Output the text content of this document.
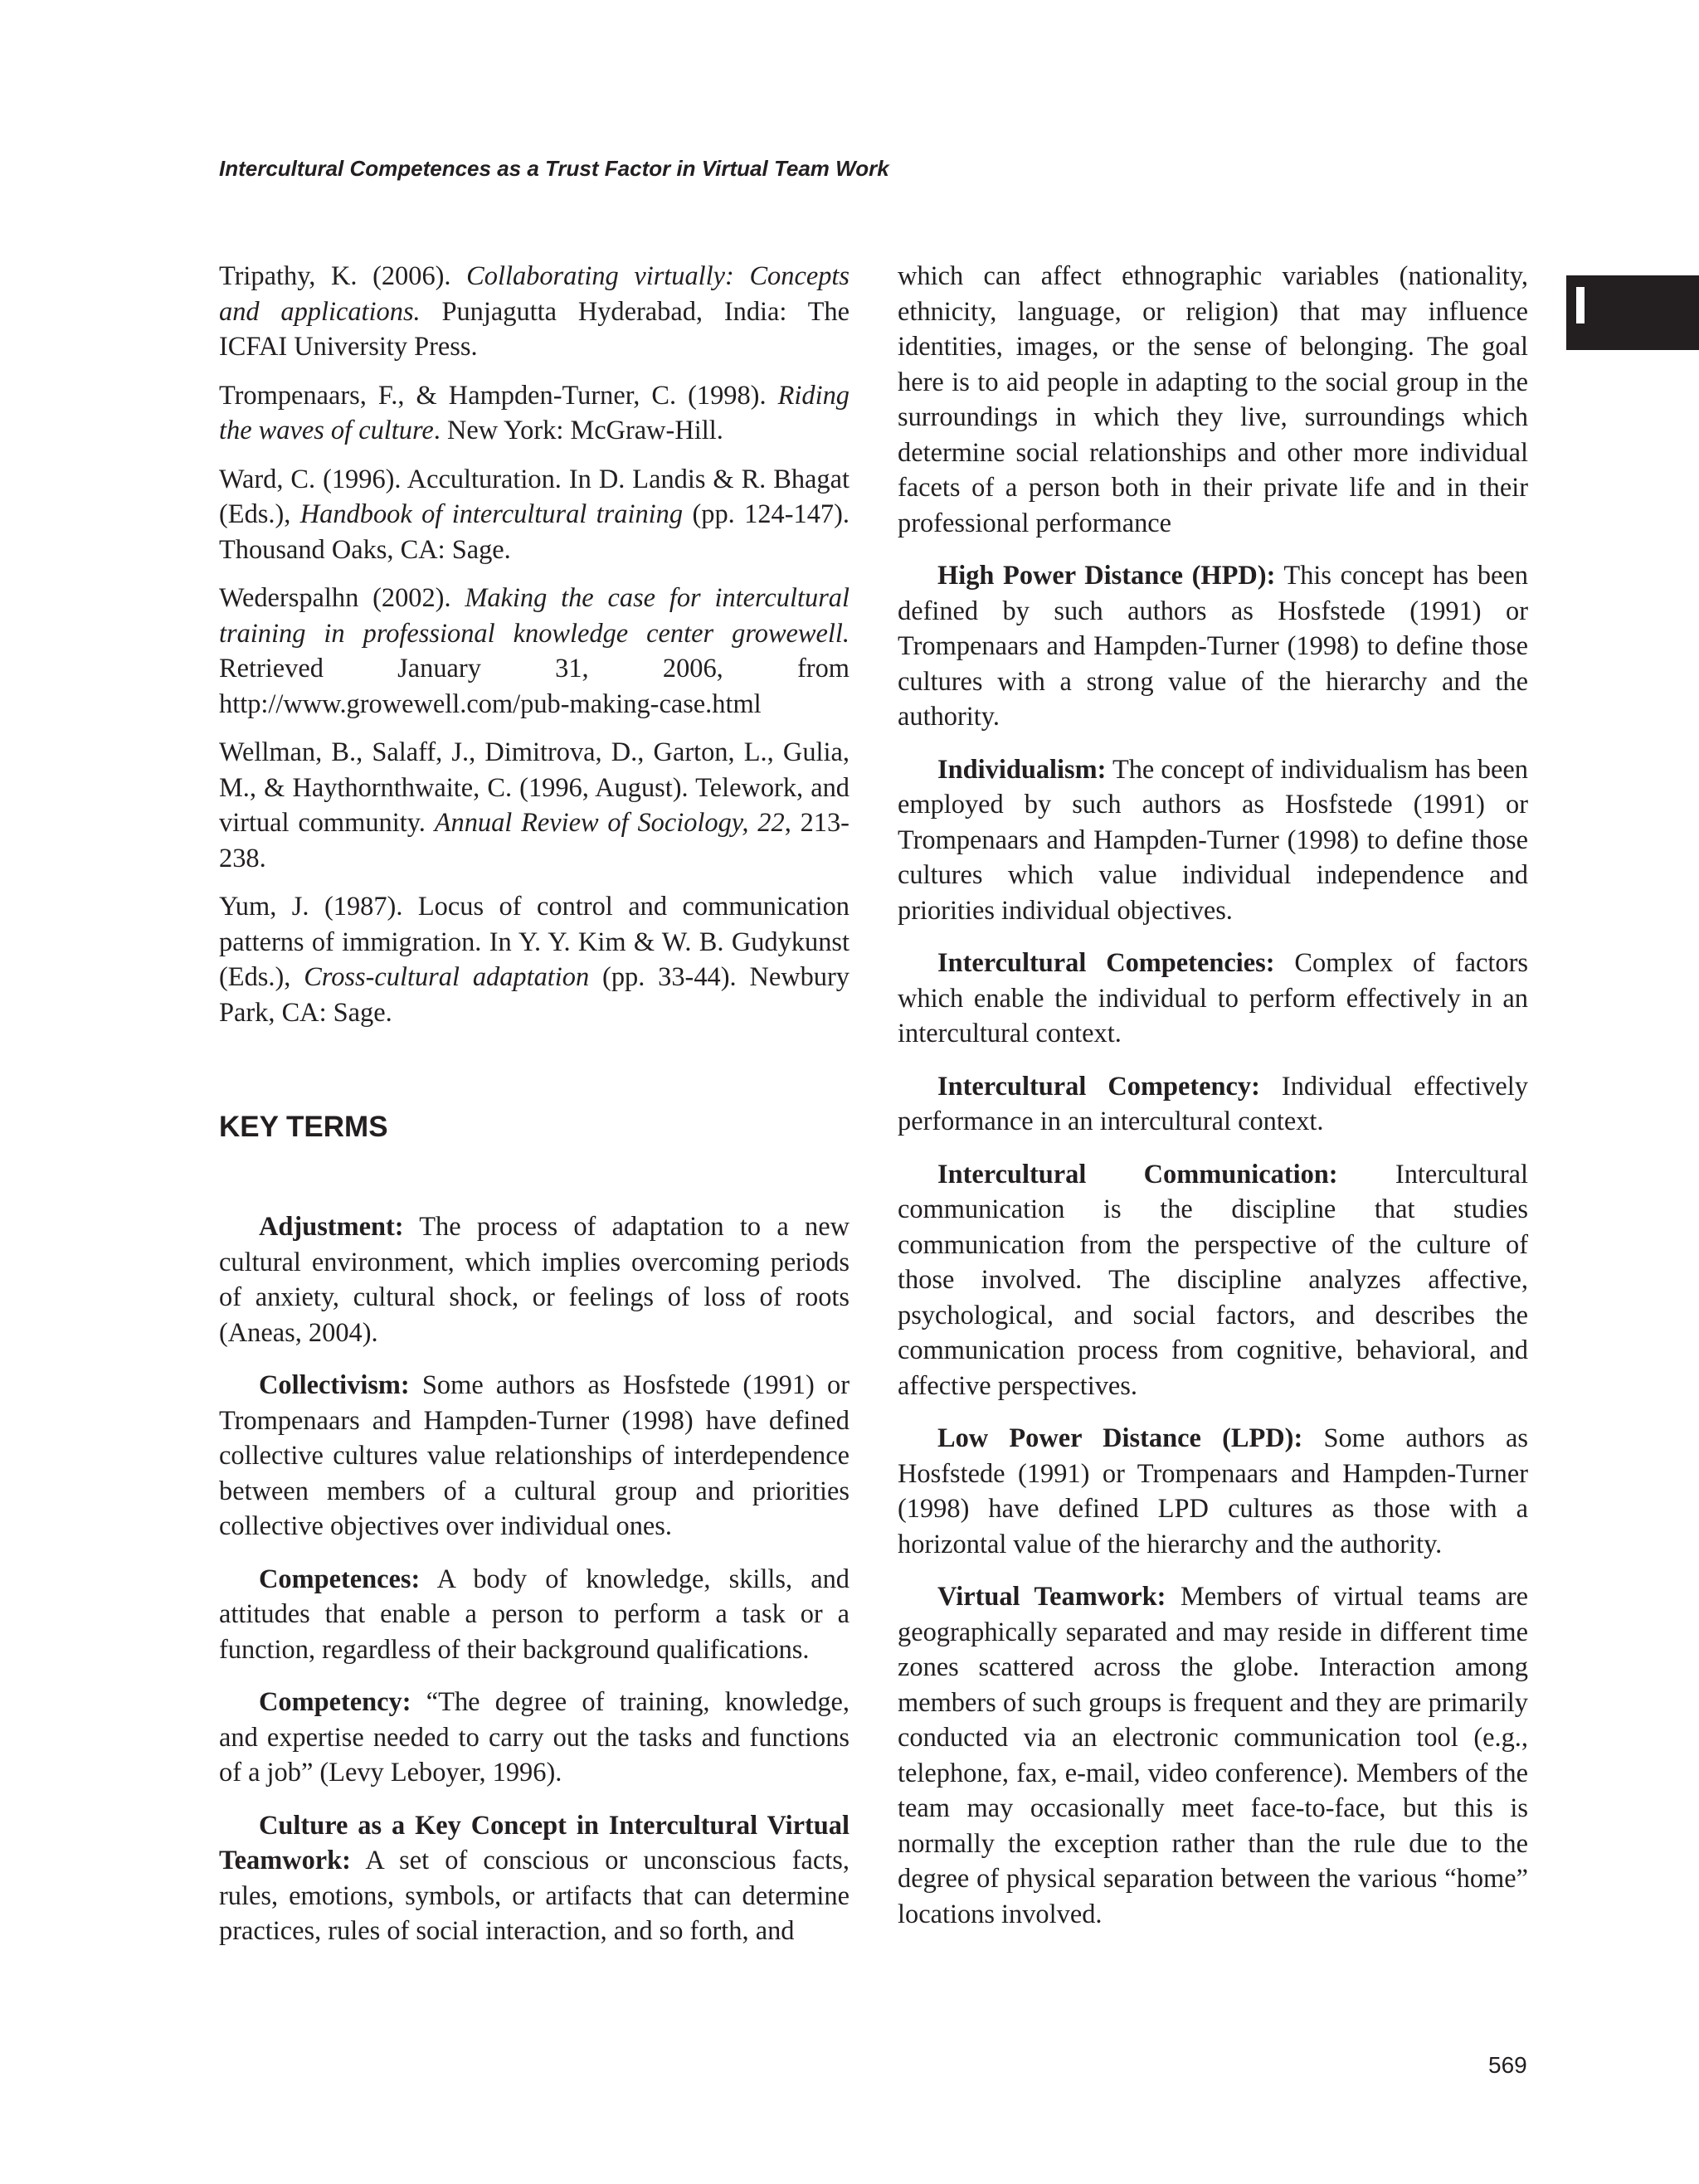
Intercultural Competences as a Trust Factor in Virtual Team Work

Tripathy, K. (2006). Collaborating virtually: Concepts and applications. Punjagutta Hyderabad, India: The ICFAI University Press.

Trompenaars, F., & Hampden-Turner, C. (1998). Riding the waves of culture. New York: McGraw-Hill.

Ward, C. (1996). Acculturation. In D. Landis & R. Bhagat (Eds.), Handbook of intercultural training (pp. 124-147). Thousand Oaks, CA: Sage.

Wederspalhn (2002). Making the case for intercultural training in professional knowledge center growewell. Retrieved January 31, 2006, from http://www.growewell.com/pub-making-case.html

Wellman, B., Salaff, J., Dimitrova, D., Garton, L., Gulia, M., & Haythornthwaite, C. (1996, August). Telework, and virtual community. Annual Review of Sociology, 22, 213-238.

Yum, J. (1987). Locus of control and communication patterns of immigration. In Y. Y. Kim & W. B. Gudykunst (Eds.), Cross-cultural adaptation (pp. 33-44). Newbury Park, CA: Sage.

KEY TERMS

Adjustment: The process of adaptation to a new cultural environment, which implies overcoming periods of anxiety, cultural shock, or feelings of loss of roots (Aneas, 2004).

Collectivism: Some authors as Hosfstede (1991) or Trompenaars and Hampden-Turner (1998) have defined collective cultures value relationships of interdependence between members of a cultural group and priorities collective objectives over individual ones.

Competences: A body of knowledge, skills, and attitudes that enable a person to perform a task or a function, regardless of their background qualifications.

Competency: “The degree of training, knowledge, and expertise needed to carry out the tasks and functions of a job” (Levy Leboyer, 1996).

Culture as a Key Concept in Intercultural Virtual Teamwork: A set of conscious or unconscious facts, rules, emotions, symbols, or artifacts that can determine practices, rules of social interaction, and so forth, and

which can affect ethnographic variables (nationality, ethnicity, language, or religion) that may influence identities, images, or the sense of belonging. The goal here is to aid people in adapting to the social group in the surroundings in which they live, surroundings which determine social relationships and other more individual facets of a person both in their private life and in their professional performance

High Power Distance (HPD): This concept has been defined by such authors as Hosfstede (1991) or Trompenaars and Hampden-Turner (1998) to define those cultures with a strong value of the hierarchy and the authority.

Individualism: The concept of individualism has been employed by such authors as Hosfstede (1991) or Trompenaars and Hampden-Turner (1998) to define those cultures which value individual independence and priorities individual objectives.

Intercultural Competencies: Complex of factors which enable the individual to perform effectively in an intercultural context.

Intercultural Competency: Individual effectively performance in an intercultural context.

Intercultural Communication: Intercultural communication is the discipline that studies communication from the perspective of the culture of those involved. The discipline analyzes affective, psychological, and social factors, and describes the communication process from cognitive, behavioral, and affective perspectives.

Low Power Distance (LPD): Some authors as Hosfstede (1991) or Trompenaars and Hampden-Turner (1998) have defined LPD cultures as those with a horizontal value of the hierarchy and the authority.

Virtual Teamwork: Members of virtual teams are geographically separated and may reside in different time zones scattered across the globe. Interaction among members of such groups is frequent and they are primarily conducted via an electronic communication tool (e.g., telephone, fax, e-mail, video conference). Members of the team may occasionally meet face-to-face, but this is normally the exception rather than the rule due to the degree of physical separation between the various “home” locations involved.

569
